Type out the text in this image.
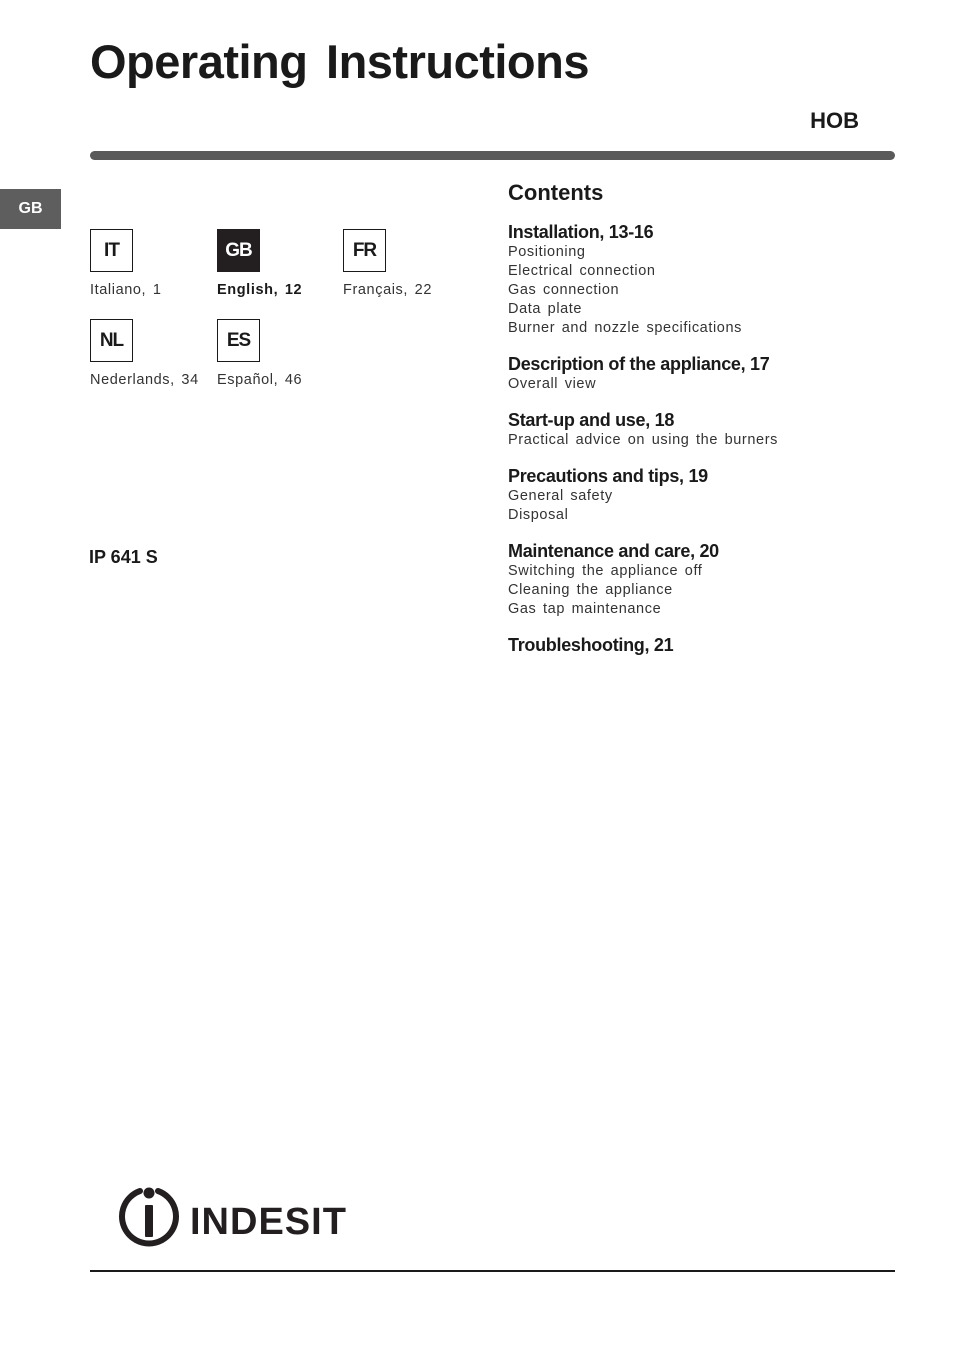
Operating Instructions
HOB
GB
IT
Italiano, 1
GB
English, 12
FR
Français, 22
NL
Nederlands, 34
ES
Español, 46
IP 641 S
Contents
Installation, 13-16
Positioning
Electrical connection
Gas connection
Data plate
Burner and nozzle specifications
Description of the appliance, 17
Overall view
Start-up and use, 18
Practical advice on using the burners
Precautions and tips, 19
General safety
Disposal
Maintenance and care, 20
Switching the appliance off
Cleaning the appliance
Gas tap maintenance
Troubleshooting, 21
INDESIT
